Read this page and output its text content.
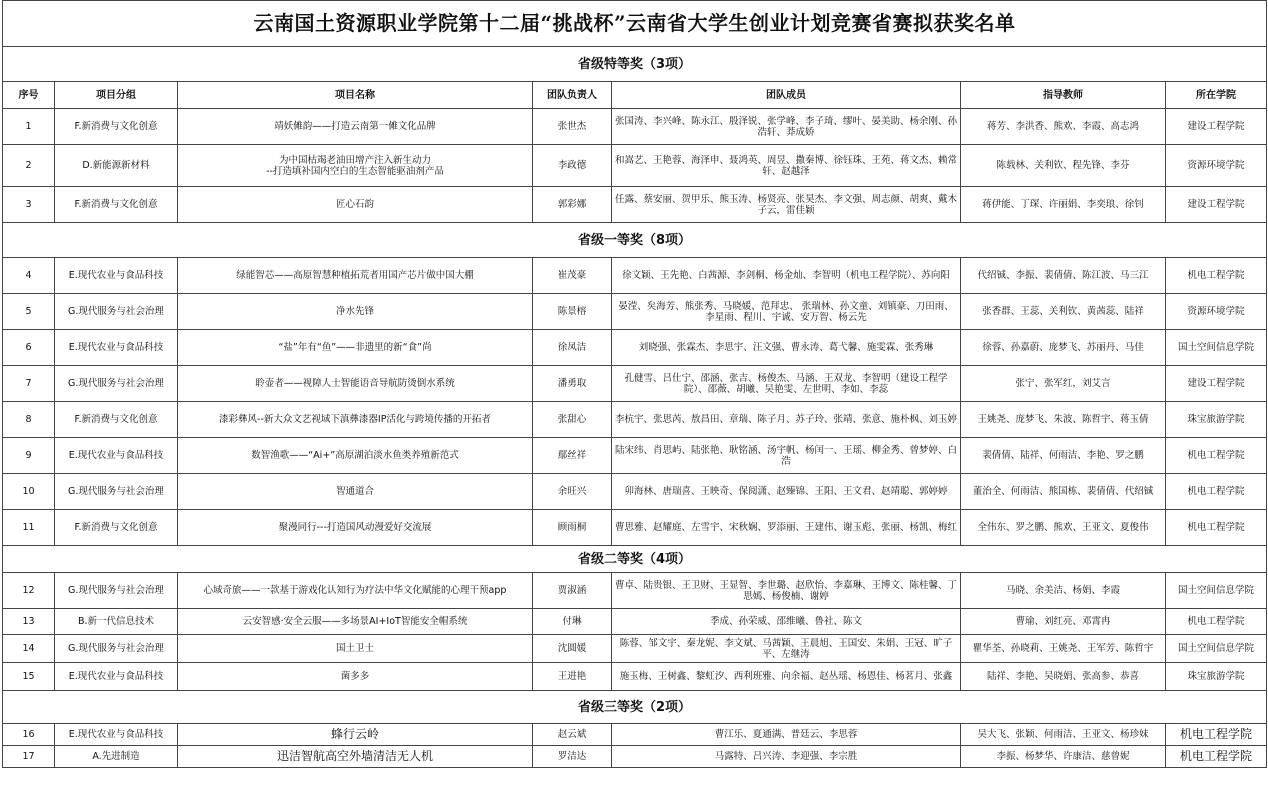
云南国土资源职业学院第十二届“挑战杯”云南省大学生创业计划竞赛省赛拟获奖名单						
省级特等奖（3项）						
序号	项目分组	项目名称	团队负责人	团队成员	指导教师	所在学院
1	F.新消费与文化创意	靖妖傩韵——打造云南第一傩文化品牌	张世杰	张国涛、李兴峰、陈永江、殷泽锐、张学峰、李子琦、缪叶、晏美助、杨余刚、孙浩轩、莽成娇	蒋芳、李洪香、熊欢、李霞、高志鸿	建设工程学院
2	D.新能源新材料	为中国枯竭老油田增产注入新生动力
--打造填补国内空白的生态智能驱油剂产品	李政德	和嵩艺、王艳蓉、海泽申、聂鸿英、周昱、撒秦博、徐钰珠、王苑、蒋文杰、赖常轩、赵越泽	陈载林、关利钦、程先锋、李芬	资源环境学院
3	F.新消费与文化创意	匠心石韵	郭彩娜	任露、蔡安丽、贺甲乐、熊玉涛、杨贤亮、张昊杰、李文强、周志颜、胡爽、戴木子云，雷佳颖	蒋伊能、丁琛、许丽娟、李奕琅、徐钊	建设工程学院
省级一等奖（8项）						
4	E.现代农业与食品科技	绿能智芯——高原智慧种植拓荒者用国产芯片做中国大棚	崔茂豪	徐文颖、王先艳、白茜源、李剑桐、杨金灿、李智明（机电工程学院）、苏向阳	代绍铖、李振、裴倩倩、陈江波、马三江	机电工程学院
5	G.现代服务与社会治理	净水先锋	陈景榕	晏滢、矣海芳、熊张秀、马晓媛、范拜忠、 张瑞林、孙文童、刘镇豪、刀田雨、李星雨、程川、宇诚、安万智、杨云先	张香群、王蕊、关利钦、黄茜蕊、陆祥	资源环境学院
6	E.现代农业与食品科技	“盐”年有“鱼”——非遗里的新“食”尚	徐凤洁	刘晓强、张霖杰、李思宇、汪文强、曹永涛、葛弋馨、施雯霖、张秀琳	徐蓉、孙嘉蔚、庞梦飞、苏丽丹、马佳	国土空间信息学院
7	G.现代服务与社会治理	聆壶者——视障人士智能语音导航防烫倒水系统	潘勇取	孔健雪、吕仕宁、邵涵、张吉、杨俊杰、马涵、王双龙、李智明（建设工程学院）、邵薇、胡曦、吴艳雯、左世明、李如、李蕊	张宁、张军红，刘艾言	建设工程学院
8	F.新消费与文化创意	漆彩彝风--新大众文艺视域下滇彝漆器IP活化与跨境传播的开拓者	张甜心	李杭宇、张思芮、敖昌田、章瑞、陈子月、苏子玲、张靖、张意、施朴枫、刘玉婷	王姚尧、庞梦飞、朱波、陈哲宇、蒋玉倩	珠宝旅游学院
9	E.现代农业与食品科技	数智渔歌——“Ai+”高原湖泊淡水鱼类养殖新范式	鄢丝祥	陆宋纬、肖思屿、陆张艳、耿铭涵、汤宇帆、杨闰一、王瑶、柳金秀、曾梦婷、白浩	裴倩倩、陆祥、何雨洁、李艳、罗之鹏	机电工程学院
10	G.现代服务与社会治理	智通道合	余旺兴	卯海林、唐瑞喜、王映奇、保阅潇、赵臻锦、王阳、王文君、赵靖聪、郭婷婷	董治全、何雨洁、熊国栋、裴倩倩、代绍铖	机电工程学院
11	F.新消费与文化创意	聚漫同行---打造国风动漫爱好交流展	顾雨桐	曹思雅、赵耀庭、左雪宇、宋秋娴、罗添丽、王建伟、谢玉彪、张丽、杨凯、梅红	全伟东、罗之鹏、熊欢、王亚文、夏俊伟	机电工程学院
省级二等奖（4项）						
12	G.现代服务与社会治理	心域奇旅——一款基于游戏化认知行为疗法中华文化赋能的心理干预app	贾淑涵	曹卓、陆贵银、王卫财、王显智、李世璐、赵欣怡、李嘉琳、王博文、陈桂馨、丁思嫣、杨俊楠、谢婷	马晓、余美洁、杨娟、李霞	国土空间信息学院
13	B.新一代信息技术	云安智感·安全云服——多场景AI+IoT智能安全帽系统	付琳	季成、孙荣威、邵维曦、鲁社、陈文	曹瑜、刘红亮、邓霄冉	机电工程学院
14	G.现代服务与社会治理	国土卫士	沈圆媛	陈蓉、邹文宇、秦龙妮、李文斌、马茜颖、王晨旭、王国安、朱娟、王冠、旷子平、左继涛	瞿华荃、孙晓莉、王姚尧、王军芳、陈哲宇	国土空间信息学院
15	E.现代农业与食品科技	菌多多	王进艳	施玉梅、王树鑫、黎虹汐、西利班雅、向余福、赵丛瑶、杨恩佳、杨茗月、张鑫	陆祥、李艳、吴晓娟、张高参、恭喜	珠宝旅游学院
省级三等奖（2项）						
16	E.现代农业与食品科技	蜂行云岭	赵云斌	曹江乐、夏通满、普廷云、李思蓉	吴大飞、张颖、何雨洁、王亚文、杨珍妹	机电工程学院
17	A.先进制造	迅洁智航高空外墙清洁无人机	罗洁达	马露特、吕兴涛、李迎强、李宗胜	李振、杨梦华、许康洁、慈曾妮	机电工程学院
